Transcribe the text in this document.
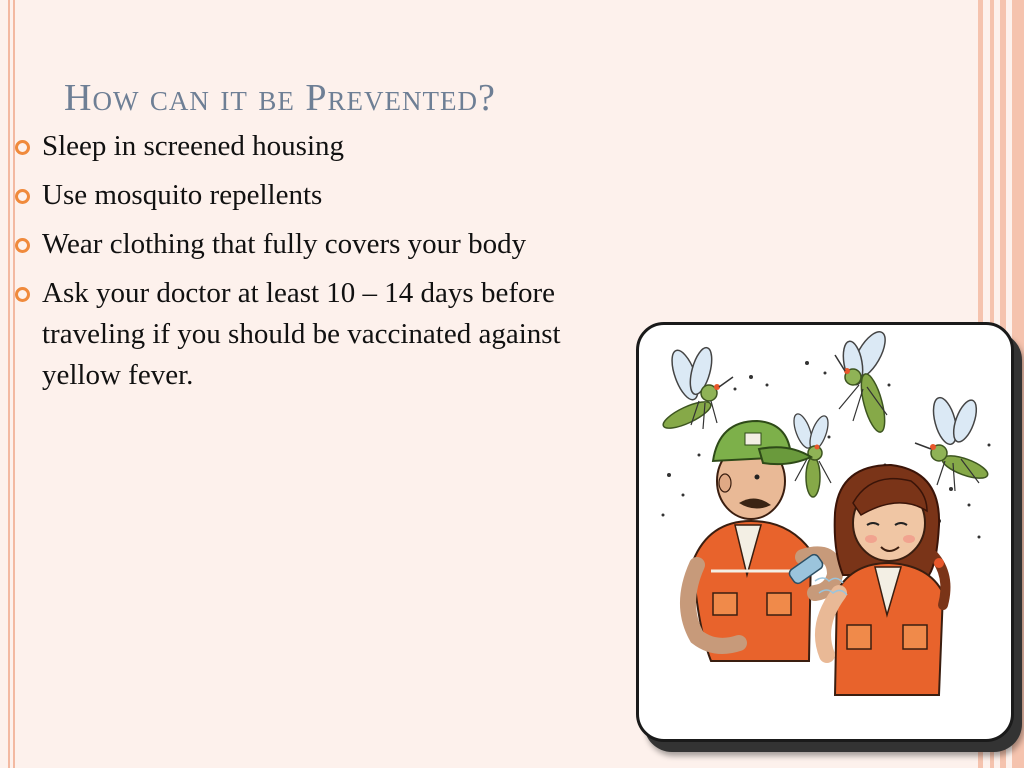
How can it be Prevented?
Sleep in screened housing
Use mosquito repellents
Wear clothing that fully covers your body
Ask your doctor at least 10 – 14 days before traveling if you should be vaccinated against yellow fever.
